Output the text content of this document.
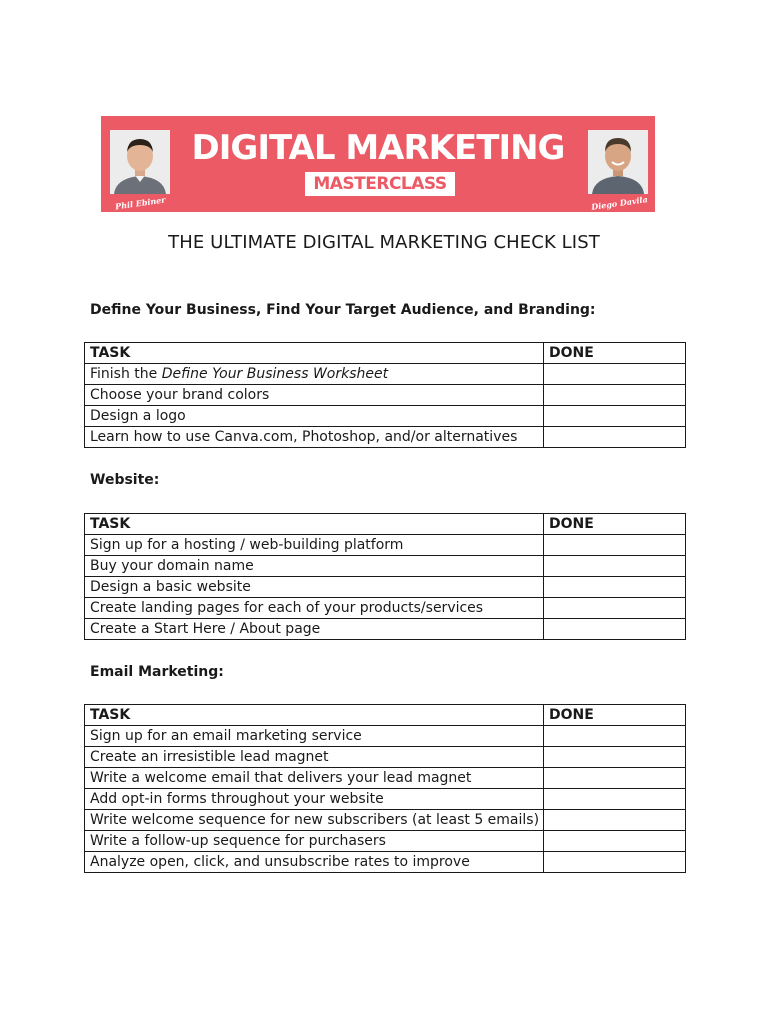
Phil Ebiner
DIGITAL MARKETING
MASTERCLASS
Diego Davila
THE ULTIMATE DIGITAL MARKETING CHECK LIST
Define Your Business, Find Your Target Audience, and Branding:
TASK	DONE
Finish the Define Your Business Worksheet	
Choose your brand colors	
Design a logo	
Learn how to use Canva.com, Photoshop, and/or alternatives	
Website:
TASK	DONE
Sign up for a hosting / web-building platform	
Buy your domain name	
Design a basic website	
Create landing pages for each of your products/services	
Create a Start Here / About page	
Email Marketing:
TASK	DONE
Sign up for an email marketing service	
Create an irresistible lead magnet	
Write a welcome email that delivers your lead magnet	
Add opt-in forms throughout your website	
Write welcome sequence for new subscribers (at least 5 emails)	
Write a follow-up sequence for purchasers	
Analyze open, click, and unsubscribe rates to improve	
